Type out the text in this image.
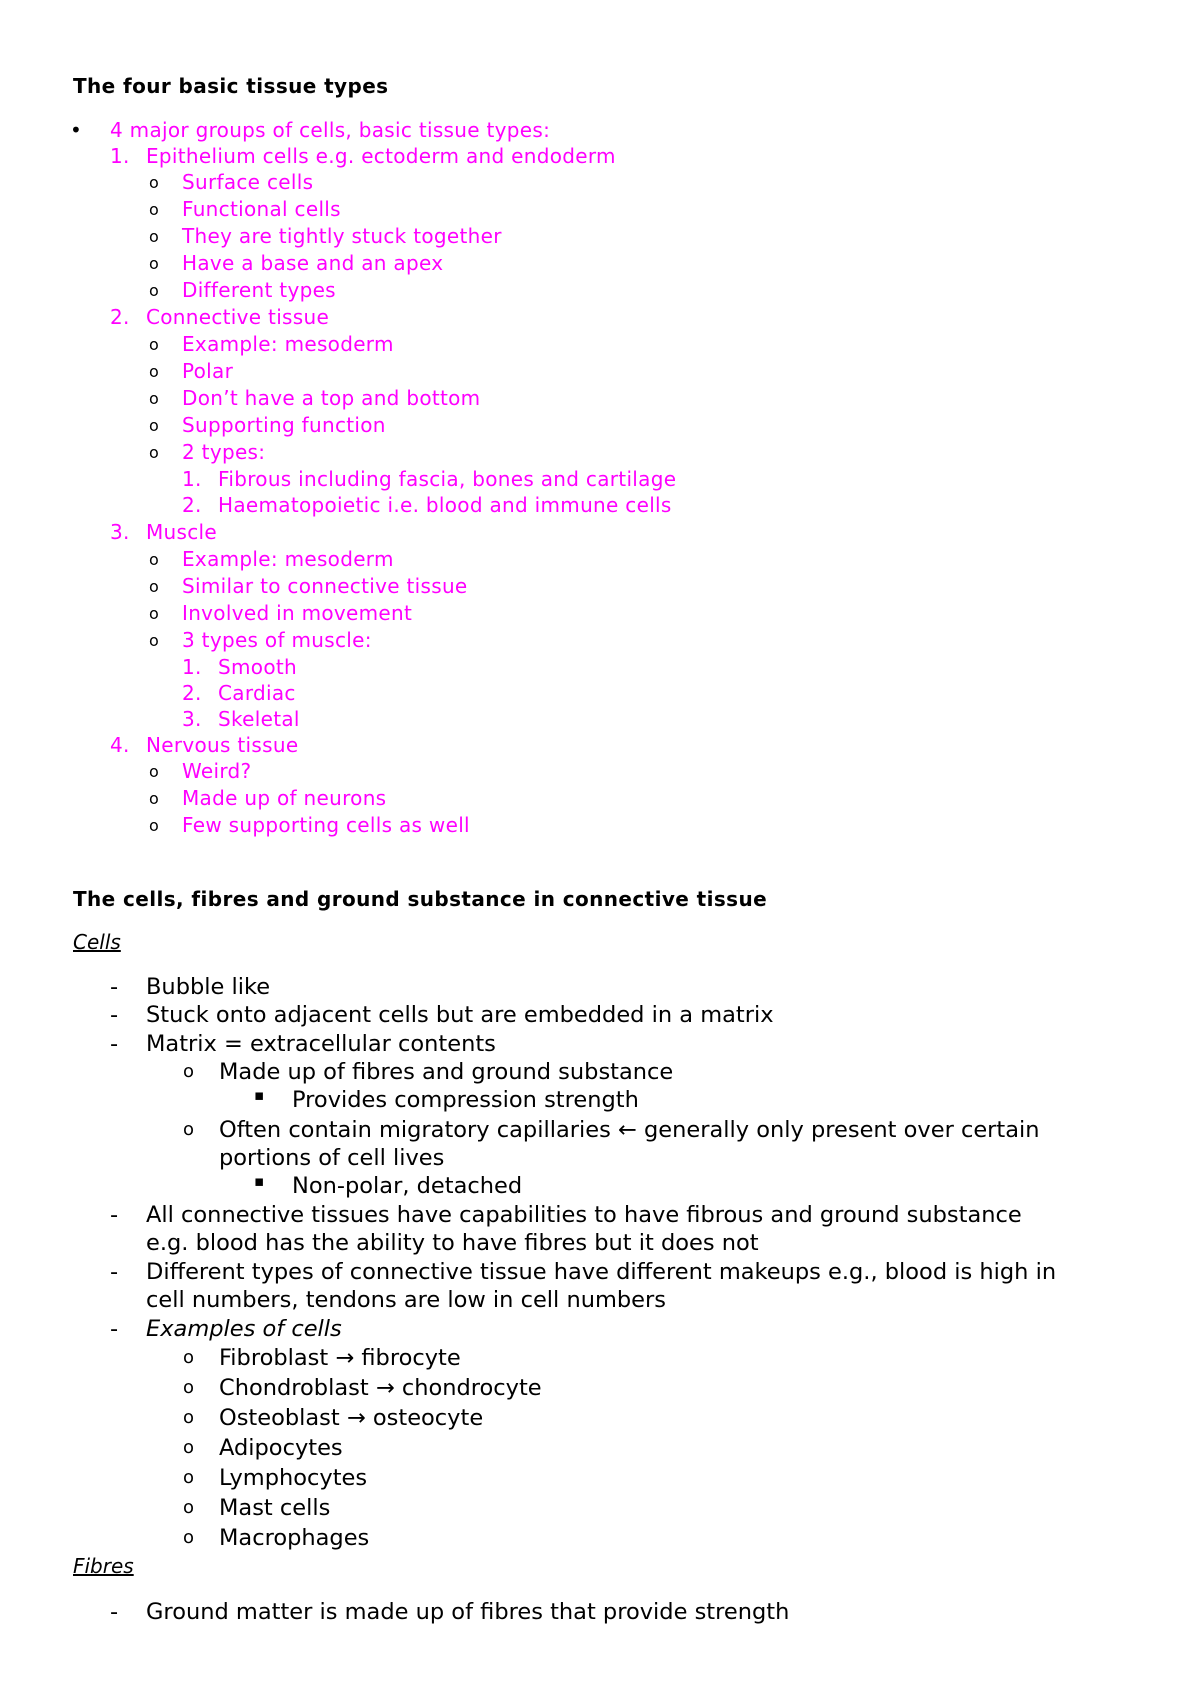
The four basic tissue types
• 4 major groups of cells, basic tissue types:
1. Epithelium cells e.g. ectoderm and endoderm
o Surface cells
o Functional cells
o They are tightly stuck together
o Have a base and an apex
o Different types
2. Connective tissue
o Example: mesoderm
o Polar
o Don’t have a top and bottom
o Supporting function
o 2 types:
1. Fibrous including fascia, bones and cartilage
2. Haematopoietic i.e. blood and immune cells
3. Muscle
o Example: mesoderm
o Similar to connective tissue
o Involved in movement
o 3 types of muscle:
1. Smooth
2. Cardiac
3. Skeletal
4. Nervous tissue
o Weird?
o Made up of neurons
o Few supporting cells as well
The cells, fibres and ground substance in connective tissue
Cells
- Bubble like
- Stuck onto adjacent cells but are embedded in a matrix
- Matrix = extracellular contents
o Made up of fibres and ground substance
▪ Provides compression strength
o Often contain migratory capillaries ← generally only present over certain
portions of cell lives
▪ Non-polar, detached
- All connective tissues have capabilities to have fibrous and ground substance
e.g. blood has the ability to have fibres but it does not
- Different types of connective tissue have different makeups e.g., blood is high in
cell numbers, tendons are low in cell numbers
- Examples of cells
o Fibroblast → fibrocyte
o Chondroblast → chondrocyte
o Osteoblast → osteocyte
o Adipocytes
o Lymphocytes
o Mast cells
o Macrophages
Fibres
- Ground matter is made up of fibres that provide strength
